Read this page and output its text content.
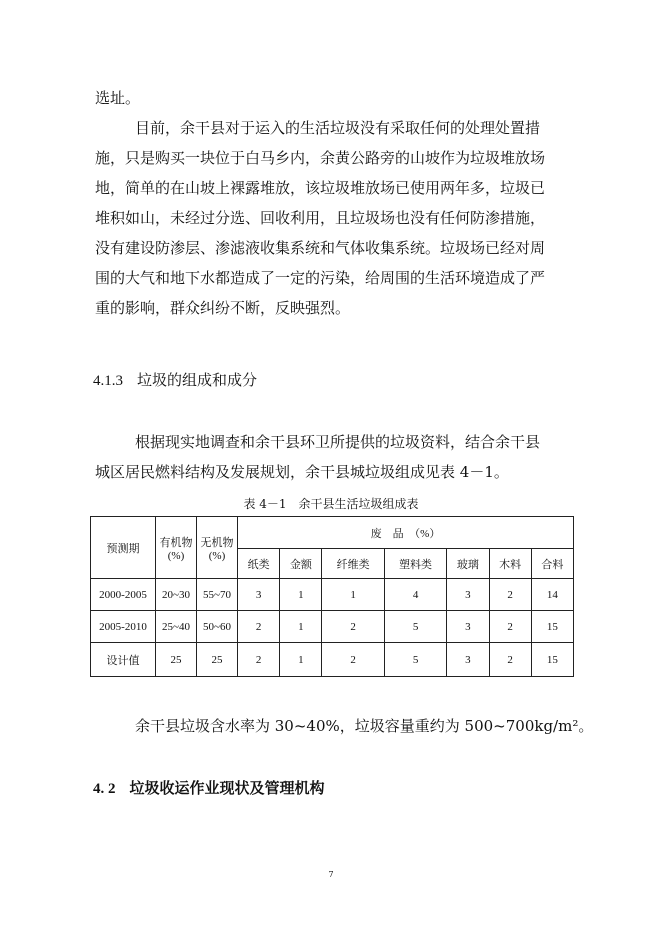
选址。
目前，余干县对于运入的生活垃圾没有采取任何的处理处置措
施，只是购买一块位于白马乡内，余黄公路旁的山坡作为垃圾堆放场
地，简单的在山坡上裸露堆放，该垃圾堆放场已使用两年多，垃圾已
堆积如山，未经过分选、回收利用，且垃圾场也没有任何防渗措施，
没有建设防渗层、渗滤液收集系统和气体收集系统。垃圾场已经对周
围的大气和地下水都造成了一定的污染，给周围的生活环境造成了严
重的影响，群众纠纷不断，反映强烈。
4.1.3 垃圾的组成和成分
根据现实地调查和余干县环卫所提供的垃圾资料，结合余干县
城区居民燃料结构及发展规划，余干县城垃圾组成见表 4－1。
表 4－1　余干县生活垃圾组成表
预测期	有机物(%)	无机物(%)	废　品　（%）						
			纸类	金额	纤维类	塑料类	玻璃	木料	合料
2000-2005	20~30	55~70	3	1	1	4	3	2	14
2005-2010	25~40	50~60	2	1	2	5	3	2	15
设计值	25	25	2	1	2	5	3	2	15
余干县垃圾含水率为 30~40%，垃圾容量重约为 500~700kg/m²。
4. 2 垃圾收运作业现状及管理机构
7
